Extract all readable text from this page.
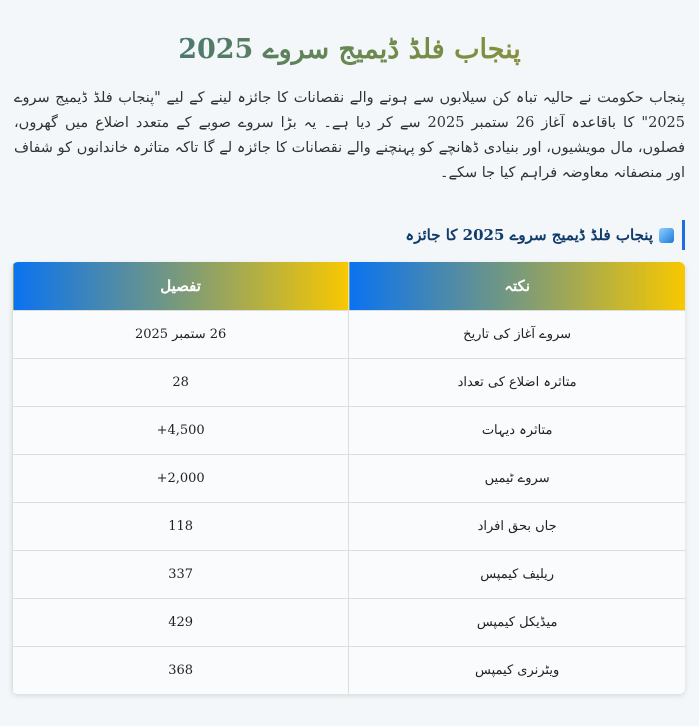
پنجاب فلڈ ڈیمیج سروے 2025

پنجاب حکومت نے حالیہ تباہ کن سیلابوں سے ہونے والے نقصانات کا جائزہ لینے کے لیے "پنجاب فلڈ ڈیمیج سروے 2025" کا باقاعدہ آغاز 26 ستمبر 2025 سے کر دیا ہے۔ یہ بڑا سروے صوبے کے متعدد اضلاع میں گھروں، فصلوں، مال مویشیوں، اور بنیادی ڈھانچے کو پہنچنے والے نقصانات کا جائزہ لے گا تاکہ متاثرہ خاندانوں کو شفاف اور منصفانہ معاوضہ فراہم کیا جا سکے۔

پنجاب فلڈ ڈیمیج سروے 2025 کا جائزہ
نکتہ	تفصیل
سروے آغاز کی تاریخ	26 ستمبر 2025
متاثرہ اضلاع کی تعداد	28
متاثرہ دیہات	+4,500
سروے ٹیمیں	+2,000
جاں بحق افراد	118
ریلیف کیمپس	337
میڈیکل کیمپس	429
ویٹرنری کیمپس	368
